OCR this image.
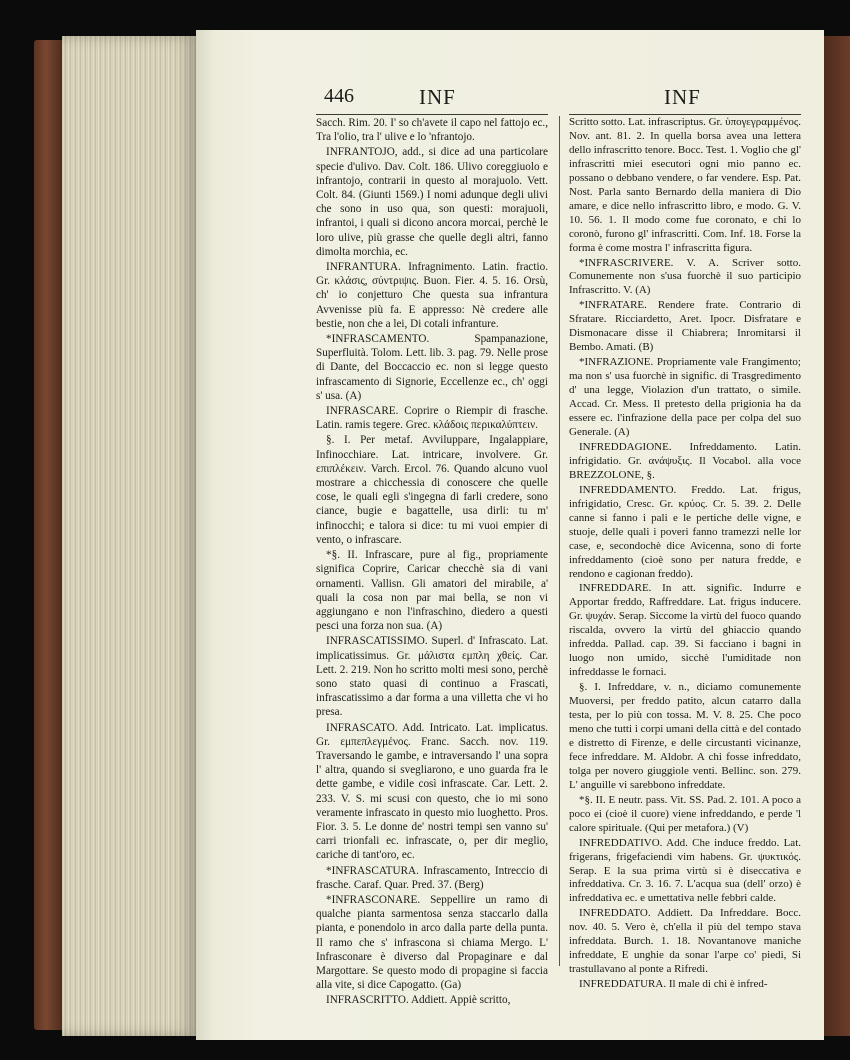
446	INF	INF

Sacch. Rim. 20. I' so ch'avete il capo nel fattojo ec., Tra l'olio, tra l' ulive e lo 'nfrantojo.

INFRANTOJO, add., si dice ad una particolare specie d'ulivo. Dav. Colt. 186. Ulivo coreggiuolo e infrantojo, contrarii in questo al morajuolo. Vett. Colt. 84. (Giunti 1569.) I nomi adunque degli ulivi che sono in uso qua, son questi: morajuoli, infrantoi, i quali si dicono ancora morcai, perchè le loro ulive, più grasse che quelle degli altri, fanno dimolta morchia, ec.

INFRANTURA. Infragnimento. Latin. fractio. Gr. κλάσις, σύντριψις. Buon. Fier. 4. 5. 16. Orsù, ch' io conjetturo Che questa sua infrantura Avvenisse più fa. E appresso: Nè credere alle bestie, non che a lei, Di cotali infranture.

*INFRASCAMENTO. Spampanazione, Superfluità. Tolom. Lett. lib. 3. pag. 79. Nelle prose di Dante, del Boccaccio ec. non si legge questo infrascamento di Signorie, Eccellenze ec., ch' oggi s' usa. (A)

INFRASCARE. Coprire o Riempir di frasche. Latin. ramis tegere. Grec. κλάδοις περικαλύπτειν.

§. I. Per metaf. Avviluppare, Ingalappiare, Infinocchiare. Lat. intricare, involvere. Gr. επιπλέκειν. Varch. Ercol. 76. Quando alcuno vuol mostrare a chicchessia di conoscere che quelle cose, le quali egli s'ingegna di farli credere, sono ciance, bugie e bagattelle, usa dirli: tu m' infinocchi; e talora si dice: tu mi vuoi empier di vento, o infrascare.

*§. II. Infrascare, pure al fig., propriamente significa Coprire, Caricar checchè sia di vani ornamenti. Vallisn. Gli amatori del mirabile, a' quali la cosa non par mai bella, se non vi aggiungano e non l'infraschino, diedero a questi pesci una forza non sua. (A)

INFRASCATISSIMO. Superl. d' Infrascato. Lat. implicatissimus. Gr. μάλιστα εμπλη χθείς. Car. Lett. 2. 219. Non ho scritto molti mesi sono, perchè sono stato quasi di continuo a Frascati, infrascatissimo a dar forma a una villetta che vi ho presa.

INFRASCATO. Add. Intricato. Lat. implicatus. Gr. εμπεπλεγμένος. Franc. Sacch. nov. 119. Traversando le gambe, e intraversando l' una sopra l' altra, quando si svegliarono, e uno guarda fra le dette gambe, e vidile così infrascate. Car. Lett. 2. 233. V. S. mi scusi con questo, che io mi sono veramente infrascato in questo mio luoghetto. Pros. Fior. 3. 5. Le donne de' nostri tempi sen vanno su' carri trionfali ec. infrascate, o, per dir meglio, cariche di tant'oro, ec.

*INFRASCATURA. Infrascamento, Intreccio di frasche. Caraf. Quar. Pred. 37. (Berg)

*INFRASCONARE. Seppellire un ramo di qualche pianta sarmentosa senza staccarlo dalla pianta, e ponendolo in arco dalla parte della punta. Il ramo che s' infrascona si chiama Mergo. L' Infrasconare è diverso dal Propaginare e dal Margottare. Se questo modo di propagine si faccia alla vite, si dice Capogatto. (Ga)

INFRASCRITTO. Addiett. Appiè scritto,

Scritto sotto. Lat. infrascriptus. Gr. ὑπογεγραμμένος. Nov. ant. 81. 2. In quella borsa avea una lettera dello infrascritto tenore. Bocc. Test. 1. Voglio che gl' infrascritti miei esecutori ogni mio panno ec. possano o debbano vendere, o far vendere. Esp. Pat. Nost. Parla santo Bernardo della maniera di Dio amare, e dice nello infrascritto libro, e modo. G. V. 10. 56. 1. Il modo come fue coronato, e chi lo coronò, furono gl' infrascritti. Com. Inf. 18. Forse la forma è come mostra l' infrascritta figura.

*INFRASCRIVERE. V. A. Scriver sotto. Comunemente non s'usa fuorchè il suo participio Infrascritto. V. (A)

*INFRATARE. Rendere frate. Contrario di Sfratare. Ricciardetto, Aret. Ipocr. Disfratare e Dismonacare disse il Chiabrera; Inromitarsi il Bembo. Amati. (B)

*INFRAZIONE. Propriamente vale Frangimento; ma non s' usa fuorchè in signific. di Trasgredimento d' una legge, Violazion d'un trattato, o simile. Accad. Cr. Mess. Il pretesto della prigionia ha da essere ec. l'infrazione della pace per colpa del suo Generale. (A)

INFREDDAGIONE. Infreddamento. Latin. infrigidatio. Gr. ανάψυξις. Il Vocabol. alla voce BREZZOLONE, §.

INFREDDAMENTO. Freddo. Lat. frigus, infrigidatio, Cresc. Gr. κρύος. Cr. 5. 39. 2. Delle canne si fanno i pali e le pertiche delle vigne, e stuoje, delle quali i poveri fanno tramezzi nelle lor case, e, secondochè dice Avicenna, sono di forte infreddamento (cioè sono per natura fredde, e rendono e cagionan freddo).

INFREDDARE. In att. signific. Indurre e Apportar freddo, Raffreddare. Lat. frigus inducere. Gr. ψυχάν. Serap. Siccome la virtù del fuoco quando riscalda, ovvero la virtù del ghiaccio quando infredda. Pallad. cap. 39. Si facciano i bagni in luogo non umido, sicchè l'umiditade non infreddasse le fornaci.

§. I. Infreddare, v. n., diciamo comunemente Muoversi, per freddo patito, alcun catarro dalla testa, per lo più con tossa. M. V. 8. 25. Che poco meno che tutti i corpi umani della città e del contado e distretto di Firenze, e delle circustanti vicinanze, fece infreddare. M. Aldobr. A chi fosse infreddato, tolga per novero giuggiole venti. Bellinc. son. 279. L' anguille vi sarebbono infreddate.

*§. II. E neutr. pass. Vit. SS. Pad. 2. 101. A poco a poco ei (cioè il cuore) viene infreddando, e perde 'l calore spirituale. (Qui per metafora.) (V)

INFREDDATIVO. Add. Che induce freddo. Lat. frigerans, frigefaciendi vim habens. Gr. ψυκτικός. Serap. E la sua prima virtù si è diseccativa e infreddativa. Cr. 3. 16. 7. L'acqua sua (dell' orzo) è infreddativa ec. e umettativa nelle febbri calde.

INFREDDATO. Addiett. Da Infreddare. Bocc. nov. 40. 5. Vero è, ch'ella il più del tempo stava infreddata. Burch. 1. 18. Novantanove maniche infreddate, E unghie da sonar l'arpe co' piedi, Si trastullavano al ponte a Rifredi.

INFREDDATURA. Il male di chi è infred-
